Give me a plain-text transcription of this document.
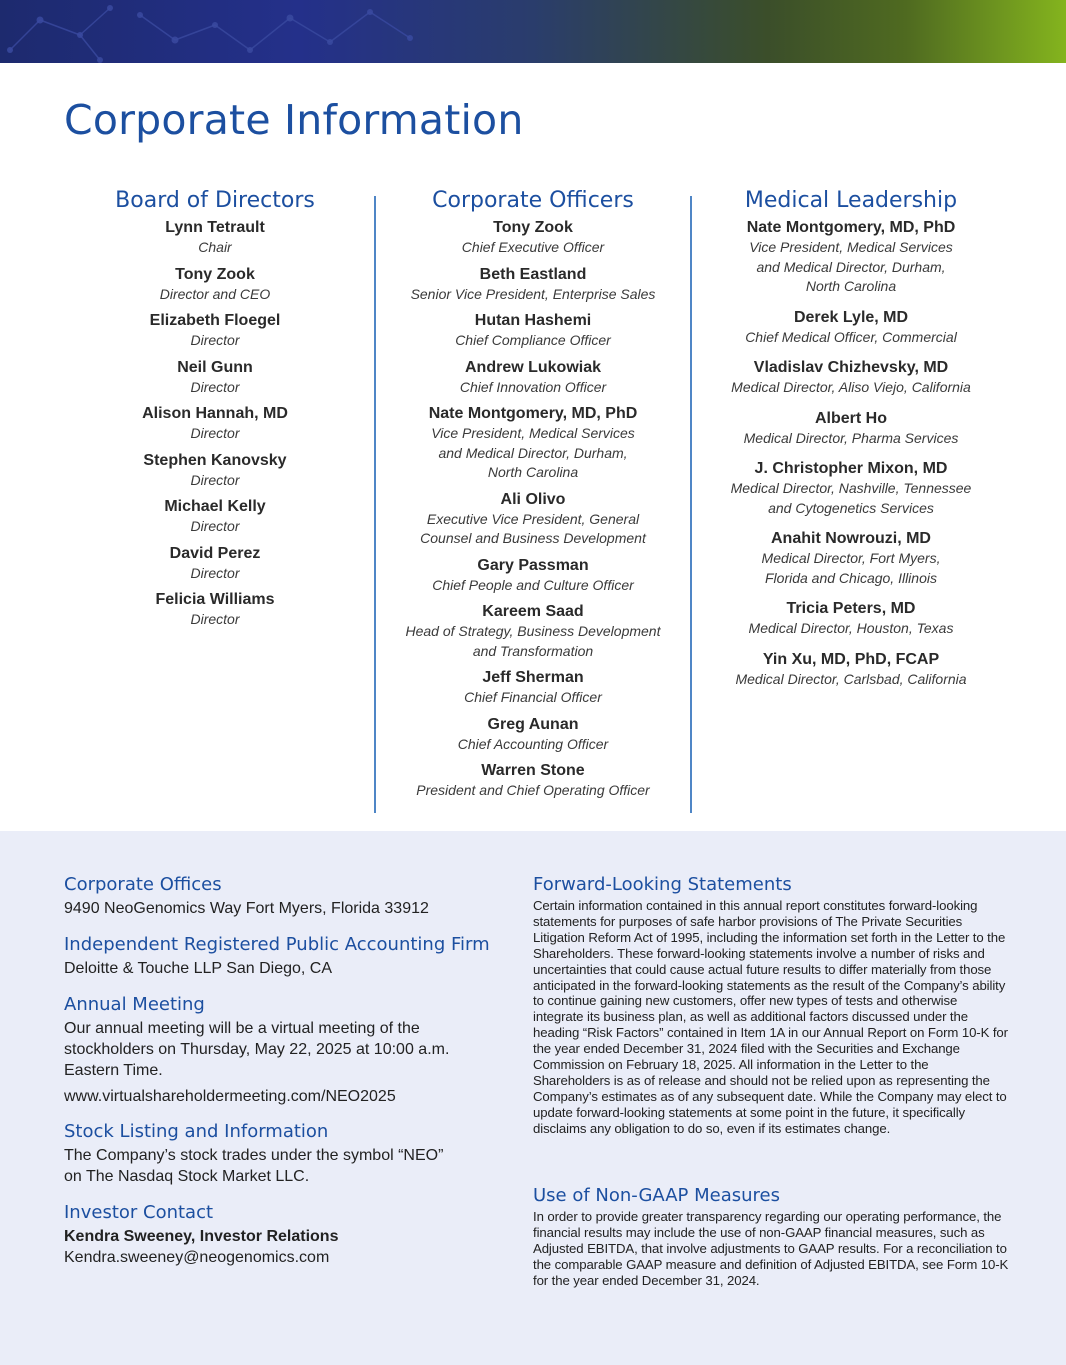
Corporate Information
Board of Directors

Lynn Tetrault
Chair

Tony Zook
Director and CEO

Elizabeth Floegel
Director

Neil Gunn
Director

Alison Hannah, MD
Director

Stephen Kanovsky
Director

Michael Kelly
Director

David Perez
Director

Felicia Williams
Director

Corporate Officers

Tony Zook
Chief Executive Officer

Beth Eastland
Senior Vice President, Enterprise Sales

Hutan Hashemi
Chief Compliance Officer

Andrew Lukowiak
Chief Innovation Officer

Nate Montgomery, MD, PhD
Vice President, Medical Services
and Medical Director, Durham,
North Carolina

Ali Olivo
Executive Vice President, General
Counsel and Business Development

Gary Passman
Chief People and Culture Officer

Kareem Saad
Head of Strategy, Business Development
and Transformation

Jeff Sherman
Chief Financial Officer

Greg Aunan
Chief Accounting Officer

Warren Stone
President and Chief Operating Officer

Medical Leadership

Nate Montgomery, MD, PhD
Vice President, Medical Services
and Medical Director, Durham,
North Carolina

Derek Lyle, MD
Chief Medical Officer, Commercial

Vladislav Chizhevsky, MD
Medical Director, Aliso Viejo, California

Albert Ho
Medical Director, Pharma Services

J. Christopher Mixon, MD
Medical Director, Nashville, Tennessee
and Cytogenetics Services

Anahit Nowrouzi, MD
Medical Director, Fort Myers,
Florida and Chicago, Illinois

Tricia Peters, MD
Medical Director, Houston, Texas

Yin Xu, MD, PhD, FCAP
Medical Director, Carlsbad, California

Corporate Offices

9490 NeoGenomics Way Fort Myers, Florida 33912

Independent Registered Public Accounting Firm

Deloitte & Touche LLP San Diego, CA

Annual Meeting

Our annual meeting will be a virtual meeting of the stockholders on Thursday, May 22, 2025 at 10:00 a.m. Eastern Time.

www.virtualshareholdermeeting.com/NEO2025

Stock Listing and Information

The Company’s stock trades under the symbol “NEO”
on The Nasdaq Stock Market LLC.

Investor Contact

Kendra Sweeney, Investor Relations

Kendra.sweeney@neogenomics.com

Forward-Looking Statements

Certain information contained in this annual report constitutes forward-looking statements for purposes of safe harbor provisions of The Private Securities Litigation Reform Act of 1995, including the information set forth in the Letter to the Shareholders. These forward-looking statements involve a number of risks and uncertainties that could cause actual future results to differ materially from those anticipated in the forward-looking statements as the result of the Company’s ability to continue gaining new customers, offer new types of tests and otherwise integrate its business plan, as well as additional factors discussed under the heading “Risk Factors” contained in Item 1A in our Annual Report on Form 10-K for the year ended December 31, 2024 filed with the Securities and Exchange Commission on February 18, 2025. All information in the Letter to the Shareholders is as of release and should not be relied upon as representing the Company’s estimates as of any subsequent date. While the Company may elect to update forward-looking statements at some point in the future, it specifically disclaims any obligation to do so, even if its estimates change.

Use of Non-GAAP Measures

In order to provide greater transparency regarding our operating performance, the financial results may include the use of non-GAAP financial measures, such as Adjusted EBITDA, that involve adjustments to GAAP results. For a reconciliation to the comparable GAAP measure and definition of Adjusted EBITDA, see Form 10-K for the year ended December 31, 2024.
